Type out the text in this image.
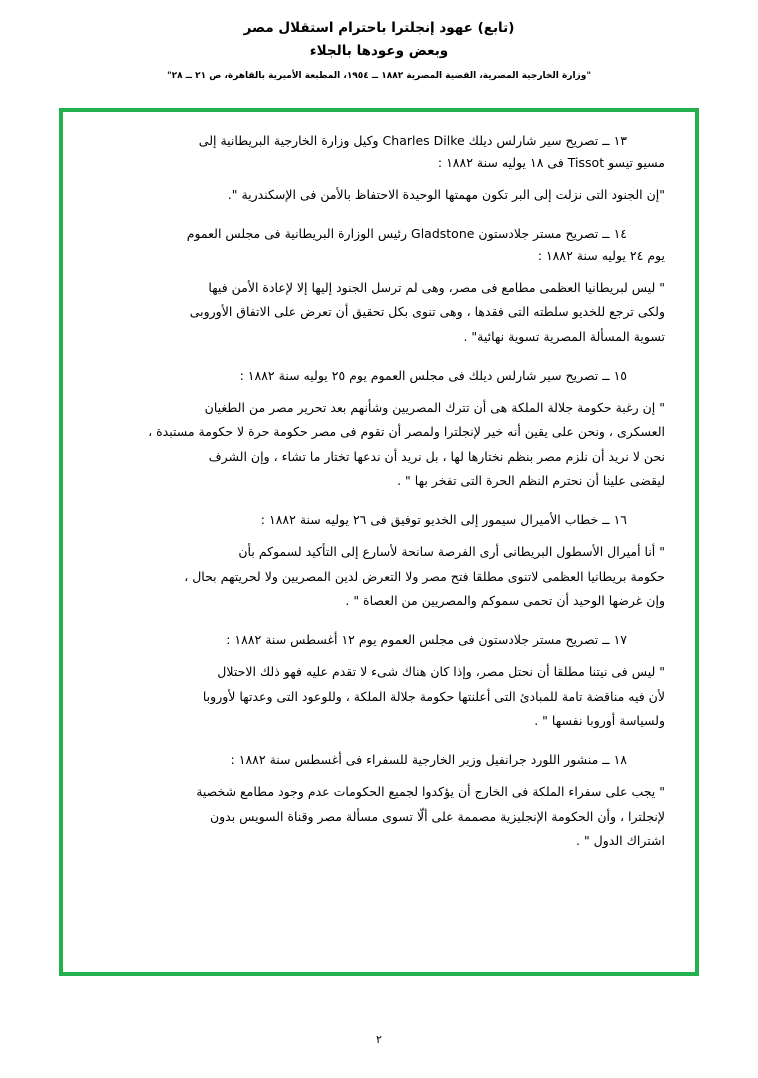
(تابع) عهود إنجلترا باحترام استقلال مصر
وبعض وعودها بالجلاء
"وزارة الخارجية المصرية، القضية المصرية ١٨٨٢ ــ ١٩٥٤، المطبعة الأميرية بالقاهرة، ص ٢١ ــ ٢٨"
١٣ ــ تصريح سير شارلس ديلك Charles Dilke وكيل وزارة الخارجية البريطانية إلى
مسيو تيسو Tissot فى ١٨ يوليه سنة ١٨٨٢ :
"إن الجنود التى نزلت إلى البر تكون مهمتها الوحيدة الاحتفاظ بالأمن فى الإسكندرية ".
١٤ ــ تصريح مستر جلادستون Gladstone رئيس الوزارة البريطانية فى مجلس العموم
يوم ٢٤ يوليه سنة ١٨٨٢ :
" ليس لبريطانيا العظمى مطامع فى مصر، وهى لم ترسل الجنود إليها إلا لإعادة الأمن فيها
ولكى ترجع للخديو سلطته التى فقدها ، وهى تنوى بكل تحقيق أن تعرض على الاتفاق الأوروبى
تسوية المسألة المصرية تسوية نهائية" .
١٥ ــ تصريح سير شارلس ديلك فى مجلس العموم يوم ٢٥ يوليه سنة ١٨٨٢ :
" إن رغبة حكومة جلالة الملكة هى أن تترك المصريين وشأنهم بعد تحرير مصر من الطغيان
العسكرى ، ونحن على يقين أنه خير لإنجلترا ولمصر أن تقوم فى مصر حكومة حرة لا حكومة مستبدة ،
نحن لا نريد أن نلزم مصر بنظم نختارها لها ، بل نريد أن ندعها تختار ما تشاء ، وإن الشرف
ليقضى علينا أن نحترم النظم الحرة التى تفخر بها " .
١٦ ــ خطاب الأميرال سيمور إلى الخديو توفيق فى ٢٦ يوليه سنة ١٨٨٢ :
" أنا أميرال الأسطول البريطانى أرى الفرصة سانحة لأسارع إلى التأكيد لسموكم بأن
حكومة بريطانيا العظمى لاتنوى مطلقا فتح مصر ولا التعرض لدين المصريين ولا لحريتهم بحال ،
وإن غرضها الوحيد أن تحمى سموكم والمصريين من العصاة " .
١٧ ــ تصريح مستر جلادستون فى مجلس العموم يوم ١٢ أغسطس سنة ١٨٨٢ :
" ليس فى نيتنا مطلقا أن نحتل مصر، وإذا كان هناك شىء لا تقدم عليه فهو ذلك الاحتلال
لأن فيه مناقضة تامة للمبادئ التى أعلنتها حكومة جلالة الملكة ، وللوعود التى وعدتها لأوروبا
ولسياسة أوروبا نفسها " .
١٨ ــ منشور اللورد جرانفيل وزير الخارجية للسفراء فى أغسطس سنة ١٨٨٢ :
" يجب على سفراء الملكة فى الخارج أن يؤكدوا لجميع الحكومات عدم وجود مطامع شخصية
لإنجلترا ، وأن الحكومة الإنجليزية مصممة على ألّا تسوى مسألة مصر وقناة السويس بدون
اشتراك الدول " .
٢
